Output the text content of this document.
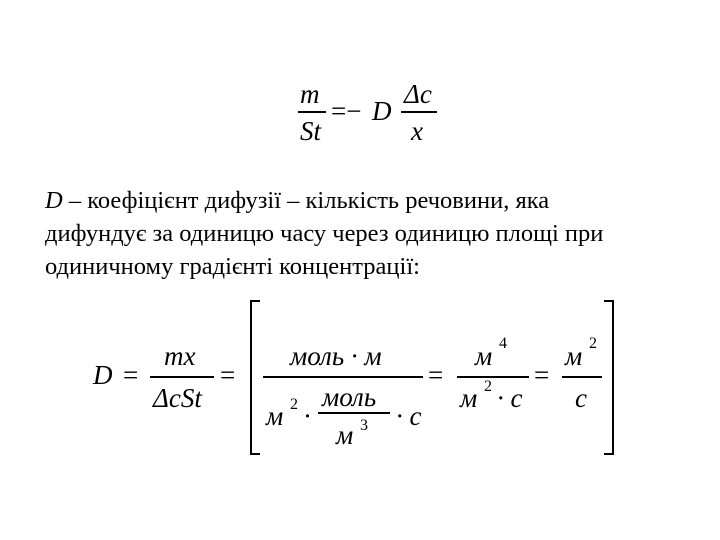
m
St
=− D
Δc
x

D – коефіцієнт дифузії – кількість речовини, яка
дифундує за одиницю часу через одиницю площі при
одиничному градієнті концентрації:

D =
mx
ΔcSt
=
моль · м
м 2 ·
моль
м 3 · c
=
м 4
м 2 · c
=
м 2
c
